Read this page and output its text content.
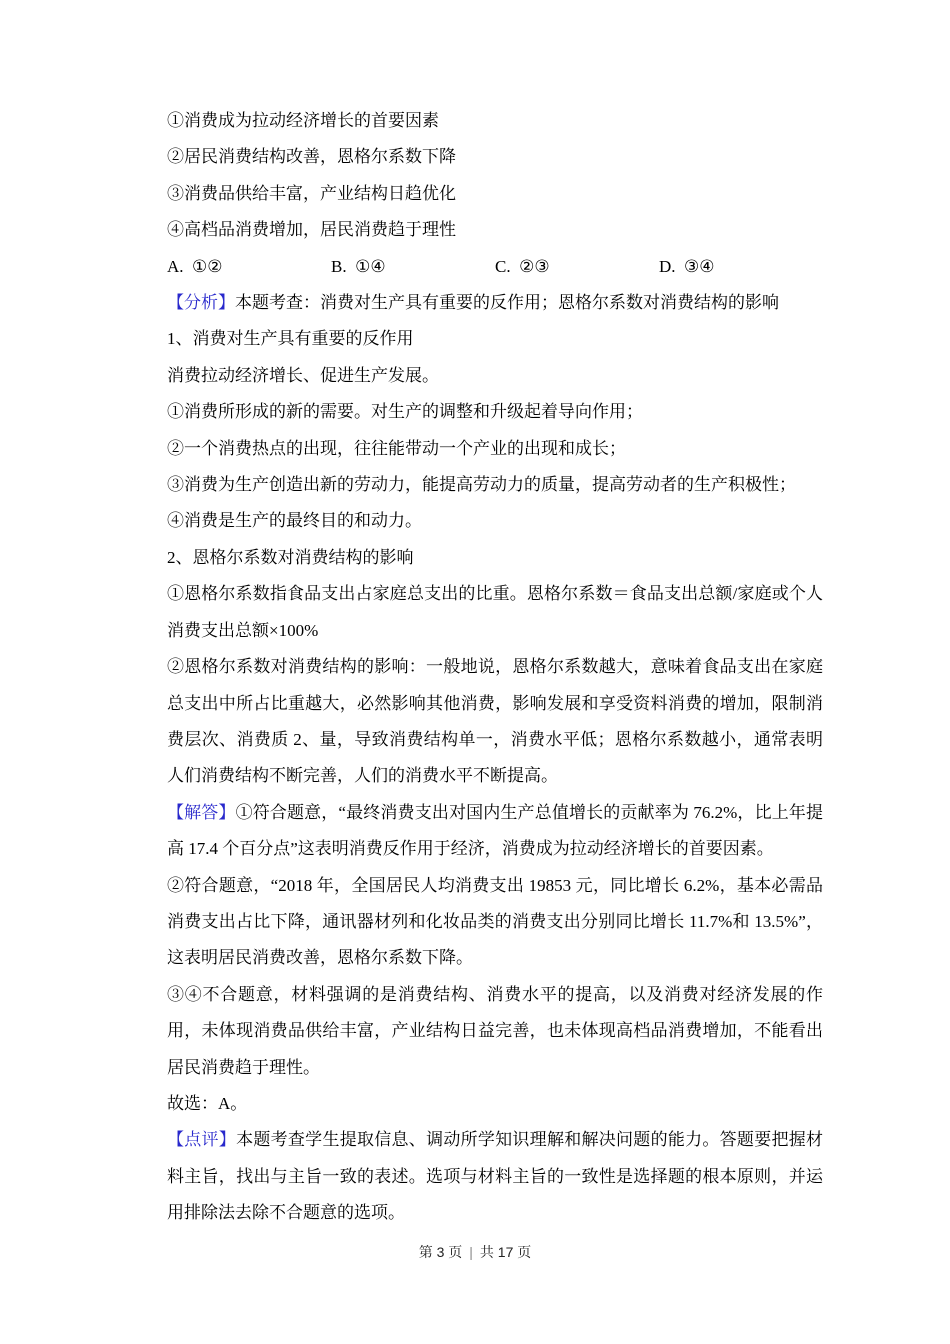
①消费成为拉动经济增长的首要因素

②居民消费结构改善，恩格尔系数下降

③消费品供给丰富，产业结构日趋优化

④高档品消费增加，居民消费趋于理性

A. ①②	B. ①④	C. ②③	D. ③④

【分析】本题考查：消费对生产具有重要的反作用；恩格尔系数对消费结构的影响

1、消费对生产具有重要的反作用

消费拉动经济增长、促进生产发展。

①消费所形成的新的需要。对生产的调整和升级起着导向作用；

②一个消费热点的出现，往往能带动一个产业的出现和成长；

③消费为生产创造出新的劳动力，能提高劳动力的质量，提高劳动者的生产积极性；

④消费是生产的最终目的和动力。

2、恩格尔系数对消费结构的影响

①恩格尔系数指食品支出占家庭总支出的比重。恩格尔系数＝食品支出总额/家庭或个人消费支出总额×100%

②恩格尔系数对消费结构的影响：一般地说，恩格尔系数越大，意味着食品支出在家庭总支出中所占比重越大，必然影响其他消费，影响发展和享受资料消费的增加，限制消费层次、消费质 2、量，导致消费结构单一，消费水平低；恩格尔系数越小，通常表明人们消费结构不断完善，人们的消费水平不断提高。

【解答】①符合题意，“最终消费支出对国内生产总值增长的贡献率为 76.2%，比上年提高 17.4 个百分点”这表明消费反作用于经济，消费成为拉动经济增长的首要因素。

②符合题意，“2018 年，全国居民人均消费支出 19853 元，同比增长 6.2%，基本必需品消费支出占比下降，通讯器材列和化妆品类的消费支出分别同比增长 11.7%和 13.5%”，这表明居民消费改善，恩格尔系数下降。

③④不合题意，材料强调的是消费结构、消费水平的提高，以及消费对经济发展的作用，未体现消费品供给丰富，产业结构日益完善，也未体现高档品消费增加，不能看出居民消费趋于理性。

故选：A。

【点评】本题考查学生提取信息、调动所学知识理解和解决问题的能力。答题要把握材料主旨，找出与主旨一致的表述。选项与材料主旨的一致性是选择题的根本原则，并运用排除法去除不合题意的选项。

第 3 页 | 共 17 页
